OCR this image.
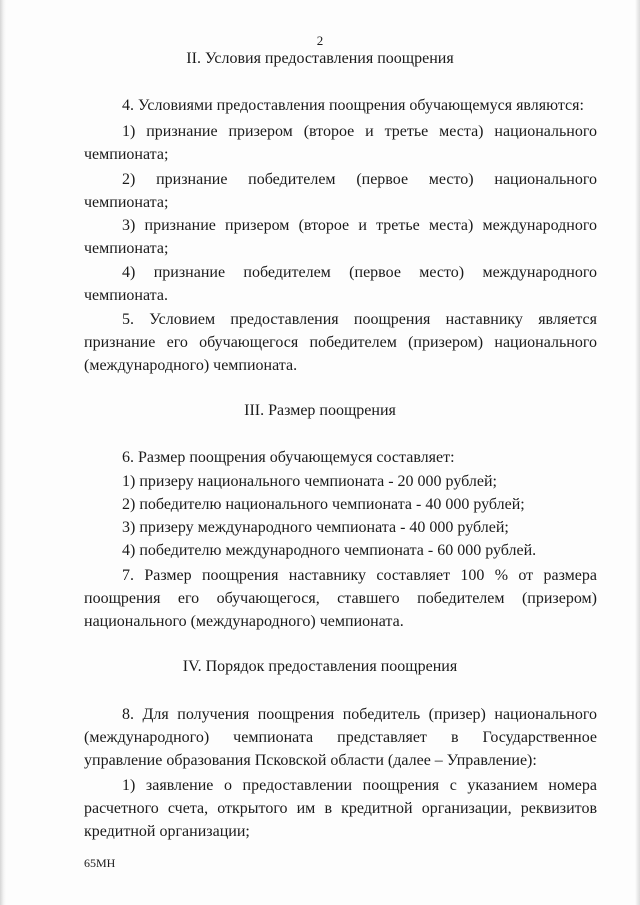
2
II. Условия предоставления поощрения
4. Условиями предоставления поощрения обучающемуся являются:
1) признание призером (второе и третье места) национального
чемпионата;
2) признание победителем (первое место) национального
чемпионата;
3) признание призером (второе и третье места) международного
чемпионата;
4) признание победителем (первое место) международного
чемпионата.
5. Условием предоставления поощрения наставнику является
признание его обучающегося победителем (призером) национального
(международного) чемпионата.
III. Размер поощрения
6. Размер поощрения обучающемуся составляет:
1) призеру национального чемпионата - 20 000 рублей;
2) победителю национального чемпионата - 40 000 рублей;
3) призеру международного чемпионата - 40 000 рублей;
4) победителю международного чемпионата - 60 000 рублей.
7. Размер поощрения наставнику составляет 100 % от размера
поощрения его обучающегося, ставшего победителем (призером)
национального (международного) чемпионата.
IV. Порядок предоставления поощрения
8. Для получения поощрения победитель (призер) национального
(международного) чемпионата представляет в Государственное
управление образования Псковской области (далее – Управление):
1) заявление о предоставлении поощрения с указанием номера
расчетного счета, открытого им в кредитной организации, реквизитов
кредитной организации;
65МН
